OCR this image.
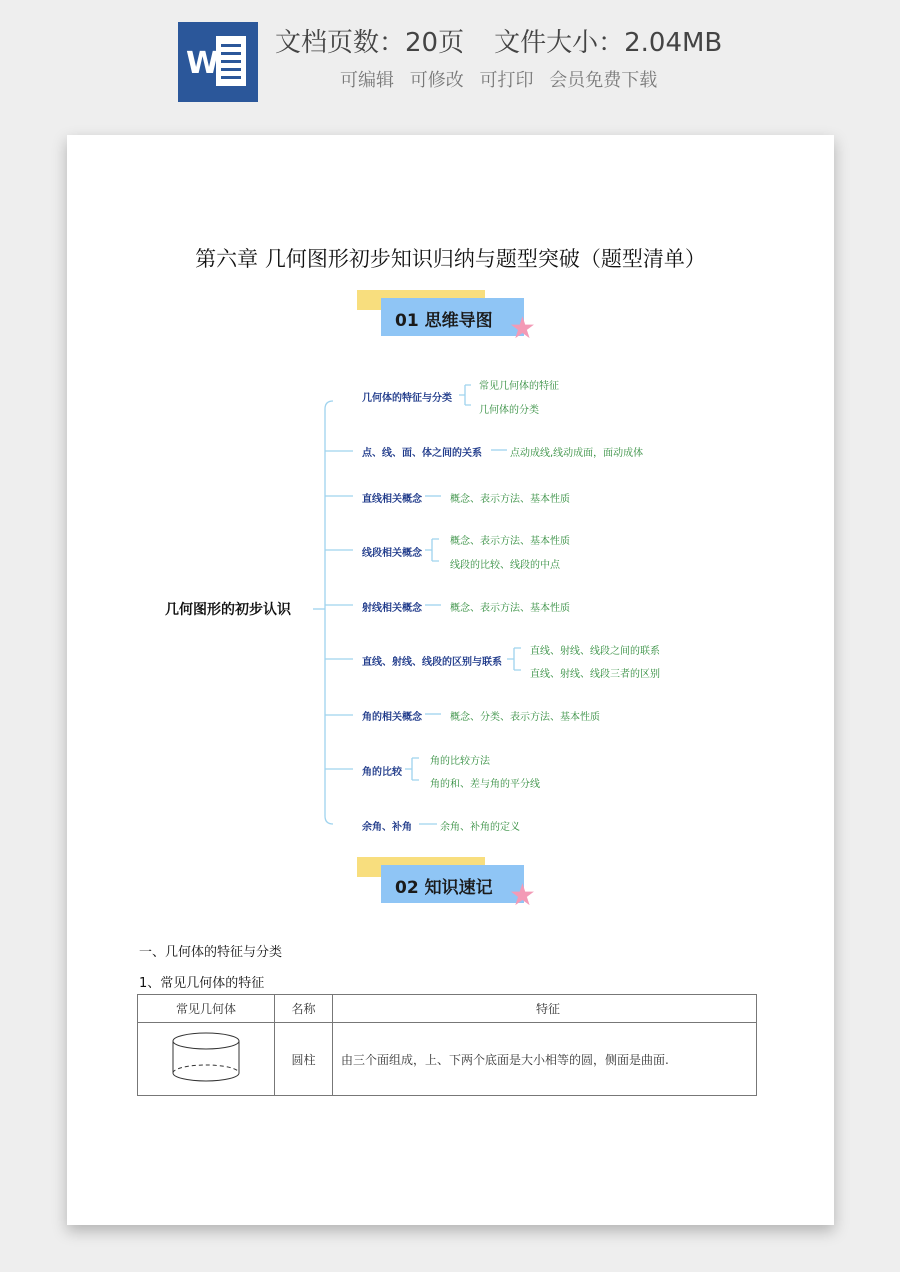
W
文档页数：20页 文件大小：2.04MB
可编辑 可修改 可打印 会员免费下载
第六章 几何图形初步知识归纳与题型突破（题型清单）
01 思维导图 ★
几何图形的初步认识
几何体的特征与分类
常见几何体的特征
几何体的分类
点、线、面、体之间的关系	点动成线,线动成面，面动成体
直线相关概念	概念、表示方法、基本性质
线段相关概念
概念、表示方法、基本性质
线段的比较、线段的中点
射线相关概念	概念、表示方法、基本性质
直线、射线、线段的区别与联系
直线、射线、线段之间的联系
直线、射线、线段三者的区别
角的相关概念	概念、分类、表示方法、基本性质
角的比较
角的比较方法
角的和、差与角的平分线
余角、补角	余角、补角的定义
02 知识速记 ★
一、几何体的特征与分类
1、常见几何体的特征
常见几何体	名称	特征
	圆柱	由三个面组成，上、下两个底面是大小相等的圆，侧面是曲面.
